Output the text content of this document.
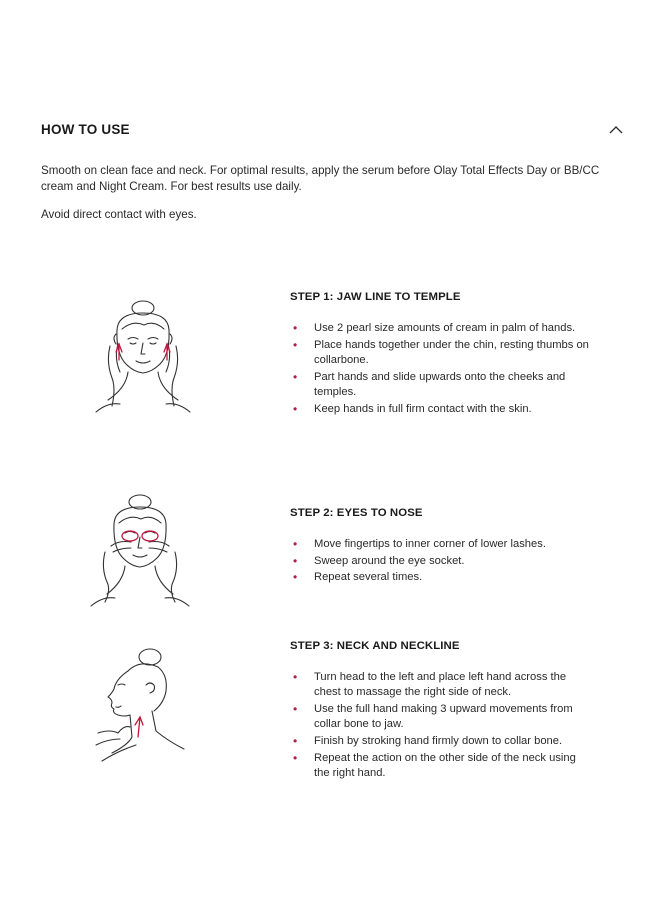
HOW TO USE

Smooth on clean face and neck. For optimal results, apply the serum before Olay Total Effects Day or BB/CC cream and Night Cream. For best results use daily.

Avoid direct contact with eyes.

STEP 1: JAW LINE TO TEMPLE
• Use 2 pearl size amounts of cream in palm of hands.
• Place hands together under the chin, resting thumbs on collarbone.
• Part hands and slide upwards onto the cheeks and temples.
• Keep hands in full firm contact with the skin.
STEP 2: EYES TO NOSE
• Move fingertips to inner corner of lower lashes.
• Sweep around the eye socket.
• Repeat several times.
STEP 3: NECK AND NECKLINE
• Turn head to the left and place left hand across the chest to massage the right side of neck.
• Use the full hand making 3 upward movements from collar bone to jaw.
• Finish by stroking hand firmly down to collar bone.
• Repeat the action on the other side of the neck using the right hand.
